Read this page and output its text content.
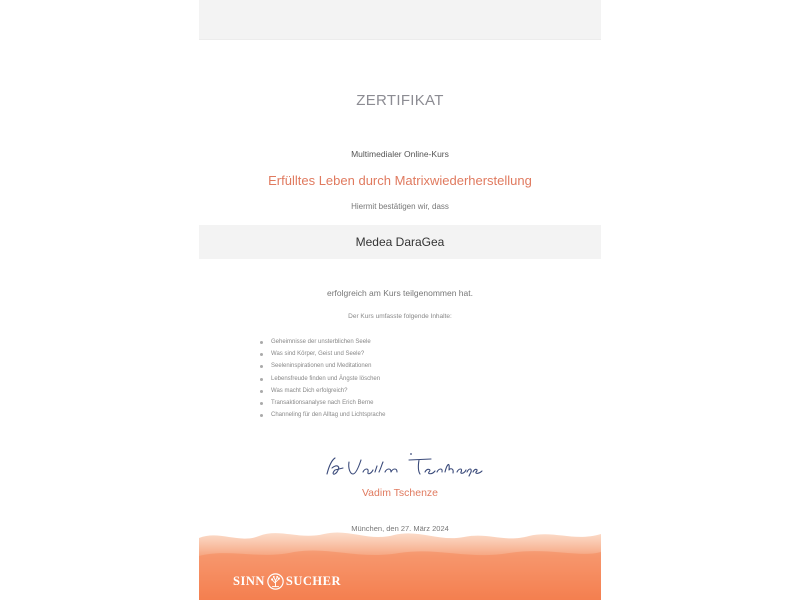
ZERTIFIKAT
Multimedialer Online-Kurs
Erfülltes Leben durch Matrixwiederherstellung
Hiermit bestätigen wir, dass
Medea DaraGea
erfolgreich am Kurs teilgenommen hat.
Der Kurs umfasste folgende Inhalte:
Geheimnisse der unsterblichen Seele
Was sind Körper, Geist und Seele?
Seeleninspirationen und Meditationen
Lebensfreude finden und Ängste löschen
Was macht Dich erfolgreich?
Transaktionsanalyse nach Erich Berne
Channeling für den Alltag und Lichtsprache
Vadim Tschenze
München, den 27. März 2024
SINN SUCHER
